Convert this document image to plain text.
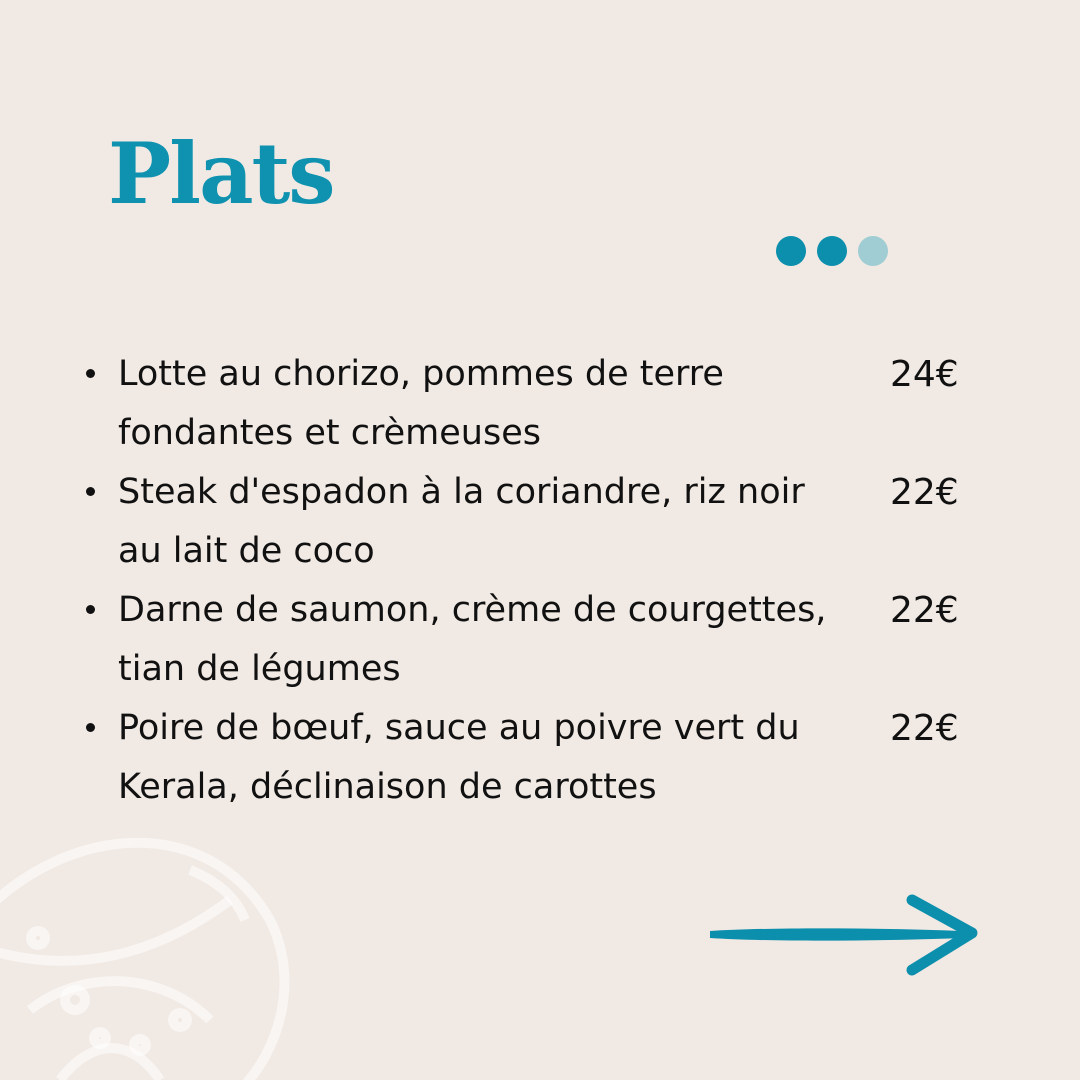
Plats
Lotte au chorizo, pommes de terre fondantes et crèmeuses
24€
Steak d'espadon à la coriandre, riz noir au lait de coco
22€
Darne de saumon, crème de courgettes, tian de légumes
22€
Poire de bœuf, sauce au poivre vert du Kerala, déclinaison de carottes
22€
